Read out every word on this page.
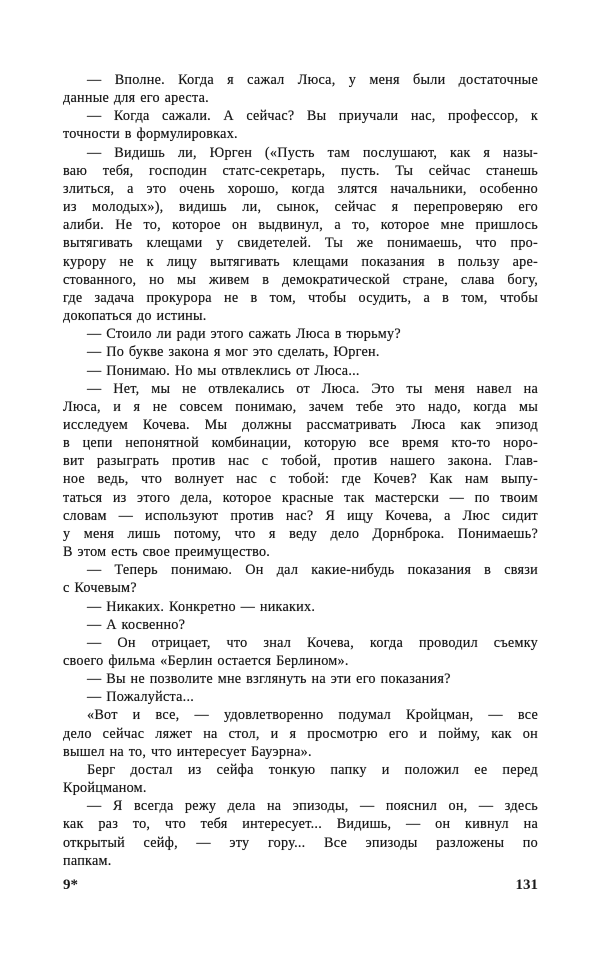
— Вполне. Когда я сажал Люса, у меня были достаточные
данные для его ареста.
— Когда сажали. А сейчас? Вы приучали нас, профессор, к
точности в формулировках.
— Видишь ли, Юрген («Пусть там послушают, как я назы-
ваю тебя, господин статс-секретарь, пусть. Ты сейчас станешь
злиться, а это очень хорошо, когда злятся начальники, особенно
из молодых»), видишь ли, сынок, сейчас я перепроверяю его
алиби. Не то, которое он выдвинул, а то, которое мне пришлось
вытягивать клещами у свидетелей. Ты же понимаешь, что про-
курору не к лицу вытягивать клещами показания в пользу аре-
стованного, но мы живем в демократической стране, слава богу,
где задача прокурора не в том, чтобы осудить, а в том, чтобы
докопаться до истины.
— Стоило ли ради этого сажать Люса в тюрьму?
— По букве закона я мог это сделать, Юрген.
— Понимаю. Но мы отвлеклись от Люса...
— Нет, мы не отвлекались от Люса. Это ты меня навел на
Люса, и я не совсем понимаю, зачем тебе это надо, когда мы
исследуем Кочева. Мы должны рассматривать Люса как эпизод
в цепи непонятной комбинации, которую все время кто-то норо-
вит разыграть против нас с тобой, против нашего закона. Глав-
ное ведь, что волнует нас с тобой: где Кочев? Как нам выпу-
таться из этого дела, которое красные так мастерски — по твоим
словам — используют против нас? Я ищу Кочева, а Люс сидит
у меня лишь потому, что я веду дело Дорнброка. Понимаешь?
В этом есть свое преимущество.
— Теперь понимаю. Он дал какие-нибудь показания в связи
с Кочевым?
— Никаких. Конкретно — никаких.
— А косвенно?
— Он отрицает, что знал Кочева, когда проводил съемку
своего фильма «Берлин остается Берлином».
— Вы не позволите мне взглянуть на эти его показания?
— Пожалуйста...
«Вот и все, — удовлетворенно подумал Кройцман, — все
дело сейчас ляжет на стол, и я просмотрю его и пойму, как он
вышел на то, что интересует Бауэрна».
Берг достал из сейфа тонкую папку и положил ее перед
Кройцманом.
— Я всегда режу дела на эпизоды, — пояснил он, — здесь
как раз то, что тебя интересует... Видишь, — он кивнул на
открытый сейф, — эту гору... Все эпизоды разложены по
папкам.
9*	131
